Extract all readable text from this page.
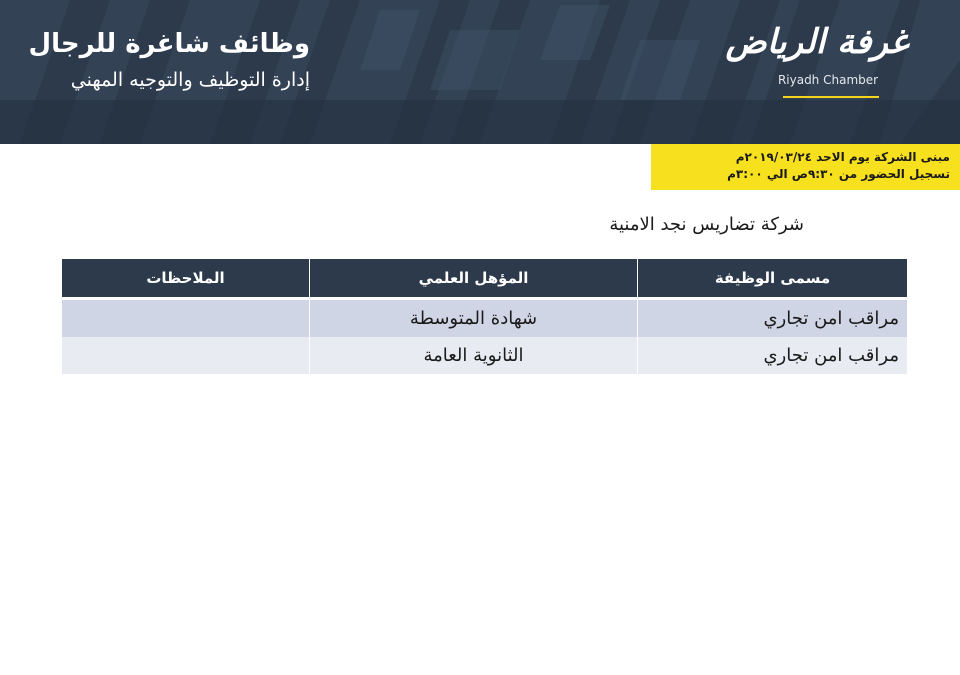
وظائف شاغرة للرجال
إدارة التوظيف والتوجيه المهني
غرفة الرياض
Riyadh Chamber
مبنى الشركة يوم الاحد ٢٠١٩/٠٣/٢٤م
تسجيل الحضور من ٩:٣٠ص الي ٣:٠٠م
شركة تضاريس نجد الامنية
مسمى الوظيفة	المؤهل العلمي	الملاحظات
مراقب امن تجاري	شهادة المتوسطة	
مراقب امن تجاري	الثانوية العامة	
